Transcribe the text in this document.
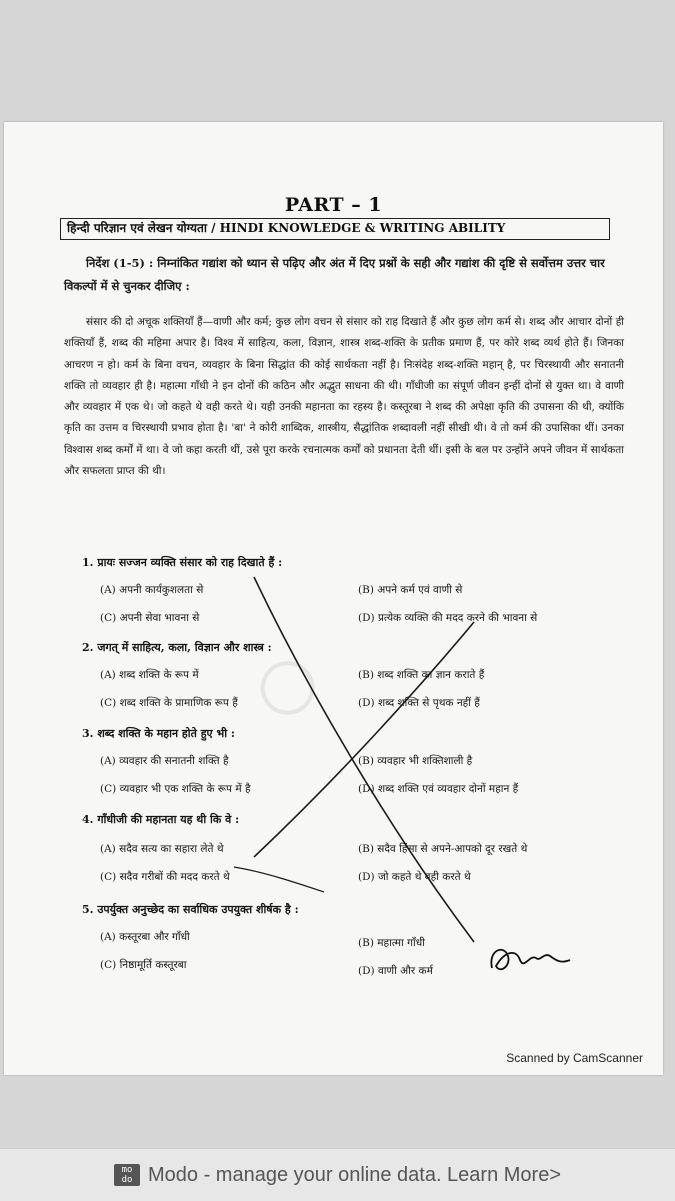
PART – 1
हिन्दी परिज्ञान एवं लेखन योग्यता / HINDI KNOWLEDGE & WRITING ABILITY
निर्देश (1-5) : निम्नांकित गद्यांश को ध्यान से पढ़िए और अंत में दिए प्रश्नों के सही और गद्यांश की दृष्टि से सर्वोत्तम उत्तर चार विकल्पों में से चुनकर दीजिए :
संसार की दो अचूक शक्तियाँ हैं—वाणी और कर्म; कुछ लोग वचन से संसार को राह दिखाते हैं और कुछ लोग कर्म से। शब्द और आचार दोनों ही शक्तियाँ हैं, शब्द की महिमा अपार है। विश्व में साहित्य, कला, विज्ञान, शास्त्र शब्द-शक्ति के प्रतीक प्रमाण हैं, पर कोरे शब्द व्यर्थ होते हैं। जिनका आचरण न हो। कर्म के बिना वचन, व्यवहार के बिना सिद्धांत की कोई सार्थकता नहीं है। निःसंदेह शब्द-शक्ति महान् है, पर चिरस्थायी और सनातनी शक्ति तो व्यवहार ही है। महात्मा गाँधी ने इन दोनों की कठिन और अद्भुत साधना की थी। गाँधीजी का संपूर्ण जीवन इन्हीं दोनों से युक्त था। वे वाणी और व्यवहार में एक थे। जो कहते थे वही करते थे। यही उनकी महानता का रहस्य है। कस्तूरबा ने शब्द की अपेक्षा कृति की उपासना की थी, क्योंकि कृति का उत्तम व चिरस्थायी प्रभाव होता है। 'बा' ने कोरी शाब्दिक, शास्त्रीय, सैद्धांतिक शब्दावली नहीं सीखी थी। वे तो कर्म की उपासिका थीं। उनका विश्वास शब्द कर्मों में था। वे जो कहा करती थीं, उसे पूरा करके रचनात्मक कर्मों को प्रधानता देती थीं। इसी के बल पर उन्होंने अपने जीवन में सार्थकता और सफलता प्राप्त की थी।
1. प्रायः सज्जन व्यक्ति संसार को राह दिखाते हैं :
(A) अपनी कार्यकुशलता से	(B) अपने कर्म एवं वाणी से
(C) अपनी सेवा भावना से	(D) प्रत्येक व्यक्ति की मदद करने की भावना से
2. जगत् में साहित्य, कला, विज्ञान और शास्त्र :
(A) शब्द शक्ति के रूप में	(B) शब्द शक्ति का ज्ञान कराते हैं
(C) शब्द शक्ति के प्रामाणिक रूप हैं	(D) शब्द शक्ति से पृथक नहीं हैं
3. शब्द शक्ति के महान होते हुए भी :
(A) व्यवहार की सनातनी शक्ति है	(B) व्यवहार भी शक्तिशाली है
(C) व्यवहार भी एक शक्ति के रूप में है	(D) शब्द शक्ति एवं व्यवहार दोनों महान हैं
4. गाँधीजी की महानता यह थी कि वे :
(A) सदैव सत्य का सहारा लेते थे	(B) सदैव हिंसा से अपने-आपको दूर रखते थे
(C) सदैव गरीबों की मदद करते थे	(D) जो कहते थे वही करते थे
5. उपर्युक्त अनुच्छेद का सर्वाधिक उपयुक्त शीर्षक है :
(A) कस्तूरबा और गाँधी	(B) महात्मा गाँधी
(C) निष्ठामूर्ति कस्तूरबा	(D) वाणी और कर्म
○
Scanned by CamScanner
mo
do Modo - manage your online data. Learn More>
